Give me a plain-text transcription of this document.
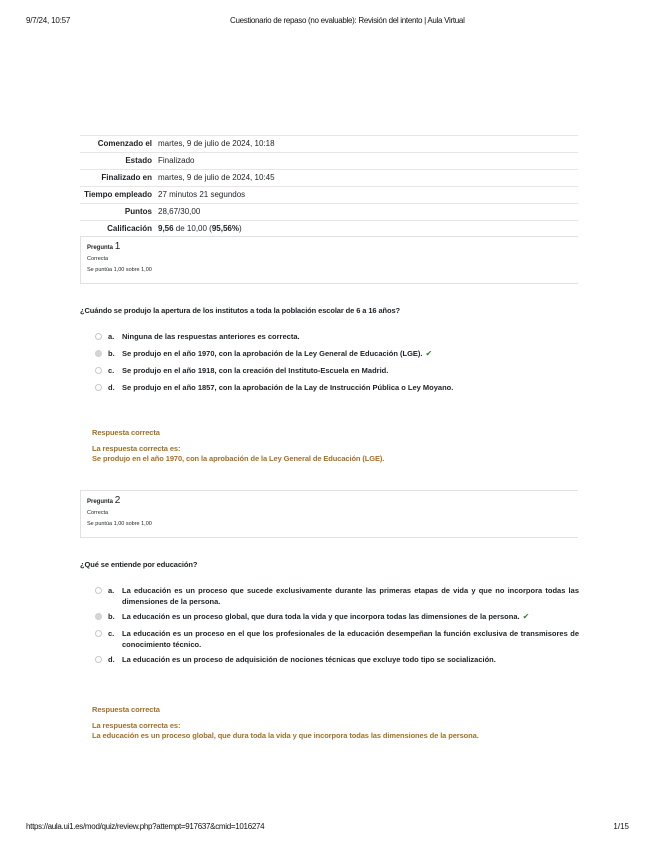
9/7/24, 10:57	Cuestionario de repaso (no evaluable): Revisión del intento | Aula Virtual
Comenzado el martes, 9 de julio de 2024, 10:18
Estado Finalizado
Finalizado en martes, 9 de julio de 2024, 10:45
Tiempo empleado 27 minutos 21 segundos
Puntos 28,67/30,00
Calificación 9,56 de 10,00 (95,56%)
Pregunta 1
Correcta
Se puntúa 1,00 sobre 1,00
¿Cuándo se produjo la apertura de los institutos a toda la población escolar de 6 a 16 años?
a.	Ninguna de las respuestas anteriores es correcta.
b. Se produjo en el año 1970, con la aprobación de la Ley General de Educación (LGE). ✔
c.	Se produjo en el año 1918, con la creación del Instituto-Escuela en Madrid.
d. Se produjo en el año 1857, con la aprobación de la Lay de Instrucción Pública o Ley Moyano.
Respuesta correcta
La respuesta correcta es:
Se produjo en el año 1970, con la aprobación de la Ley General de Educación (LGE).
Pregunta 2
Correcta
Se puntúa 1,00 sobre 1,00
¿Qué se entiende por educación?
a.	La educación es un proceso que sucede exclusivamente durante las primeras etapas de vida y que no incorpora todas las dimensiones de la persona.
b. La educación es un proceso global, que dura toda la vida y que incorpora todas las dimensiones de la persona. ✔
c.	La educación es un proceso en el que los profesionales de la educación desempeñan la función exclusiva de transmisores de conocimiento técnico.
d. La educación es un proceso de adquisición de nociones técnicas que excluye todo tipo se socialización.
Respuesta correcta
La respuesta correcta es:
La educación es un proceso global, que dura toda la vida y que incorpora todas las dimensiones de la persona.
https://aula.ui1.es/mod/quiz/review.php?attempt=917637&cmid=1016274	1/15
